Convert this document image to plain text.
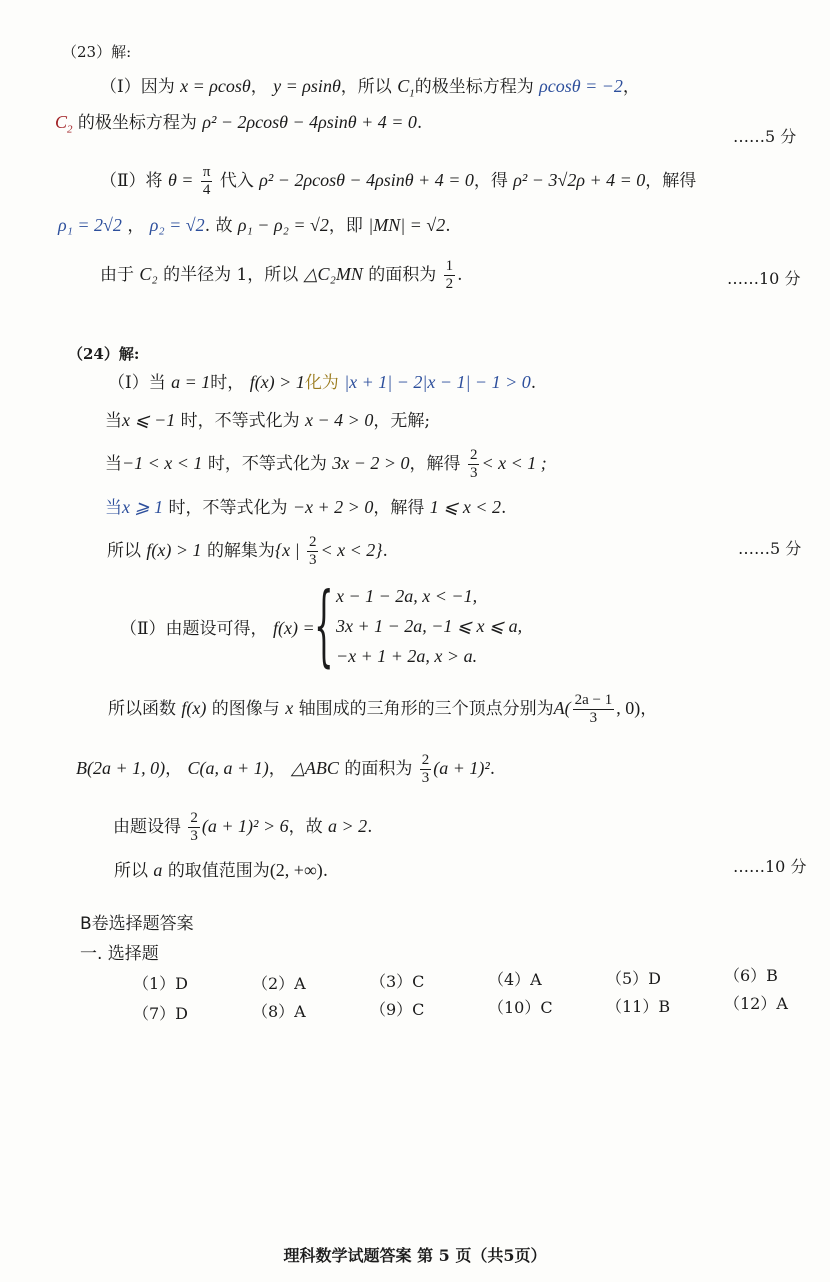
（23）解:
（Ⅰ）因为 x = ρcosθ， y = ρsinθ，所以 $C_1$的极坐标方程为 ρcosθ = −2，
$C_2$ 的极坐标方程为 ρ² − 2ρcosθ − 4ρsinθ + 4 = 0.
……5 分
（Ⅱ）将 $\theta = \frac{\pi}{4}$ 代入 ρ² − 2ρcosθ − 4ρsinθ + 4 = 0，得 ρ² − 3√2ρ + 4 = 0，解得
ρ₁ = 2√2 ， ρ₂ = √2. 故 ρ₁ − ρ₂ = √2，即 |MN| = √2.
由于 C₂ 的半径为 1，所以 △C₂MN 的面积为 $\frac{1}{2}$ .	……10 分
（24）解:
（Ⅰ）当 a = 1时， f(x) > 1化为 |x + 1| − 2|x − 1| − 1 > 0.
当x ⩽ −1 时，不等式化为 x − 4 > 0，无解;
当−1 < x < 1 时，不等式化为 3x − 2 > 0，解得 $\frac{2}{3} < x < 1$ ;
当x ⩾ 1 时，不等式化为 −x + 2 > 0，解得 1 ⩽ x < 2.
所以 f(x) > 1 的解集为{x | $\frac{2}{3} < x < 2$}.	……5 分
（Ⅱ）由题设可得， f(x) = { x − 1 − 2a, x < −1,
3x + 1 − 2a, −1 ⩽ x ⩽ a,
−x + 1 + 2a, x > a.
所以函数 f(x) 的图像与 x 轴围成的三角形的三个顶点分别为$A( \frac{2a - 1}{3}$ , 0)，
B(2a + 1, 0)， C(a, a + 1)， △ABC 的面积为 $\frac{2}{3} (a + 1)^2$.
由题设得 $\frac{2}{3} (a + 1)^2 > 6$，故 a > 2.
所以 a 的取值范围为(2, +∞).	……10 分
B卷选择题答案
一. 选择题
（1）D	（2）A	（3）C	（4）A	（5）D	（6）B
（7）D	（8）A	（9）C	（10）C	（11）B	（12）A
理科数学试题答案 第 5 页（共5页）
